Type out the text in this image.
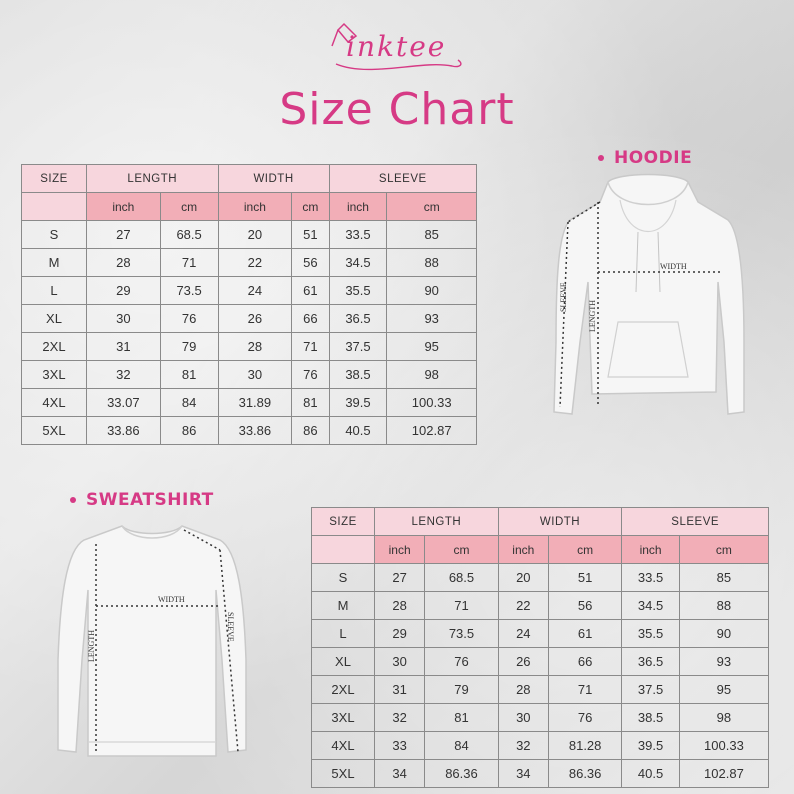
inktee
Size Chart
HOODIE
SIZE	LENGTH		WIDTH		SLEEVE	
	inch	cm	inch	cm	inch	cm
S	27	68.5	20	51	33.5	85
M	28	71	22	56	34.5	88
L	29	73.5	24	61	35.5	90
XL	30	76	26	66	36.5	93
2XL	31	79	28	71	37.5	95
3XL	32	81	30	76	38.5	98
4XL	33.07	84	31.89	81	39.5	100.33
5XL	33.86	86	33.86	86	40.5	102.87
WIDTH
LENGTH
SLEEVE
SWEATSHIRT
WIDTH
LENGTH
SLEEVE
SIZE	LENGTH		WIDTH		SLEEVE	
	inch	cm	inch	cm	inch	cm
S	27	68.5	20	51	33.5	85
M	28	71	22	56	34.5	88
L	29	73.5	24	61	35.5	90
XL	30	76	26	66	36.5	93
2XL	31	79	28	71	37.5	95
3XL	32	81	30	76	38.5	98
4XL	33	84	32	81.28	39.5	100.33
5XL	34	86.36	34	86.36	40.5	102.87
